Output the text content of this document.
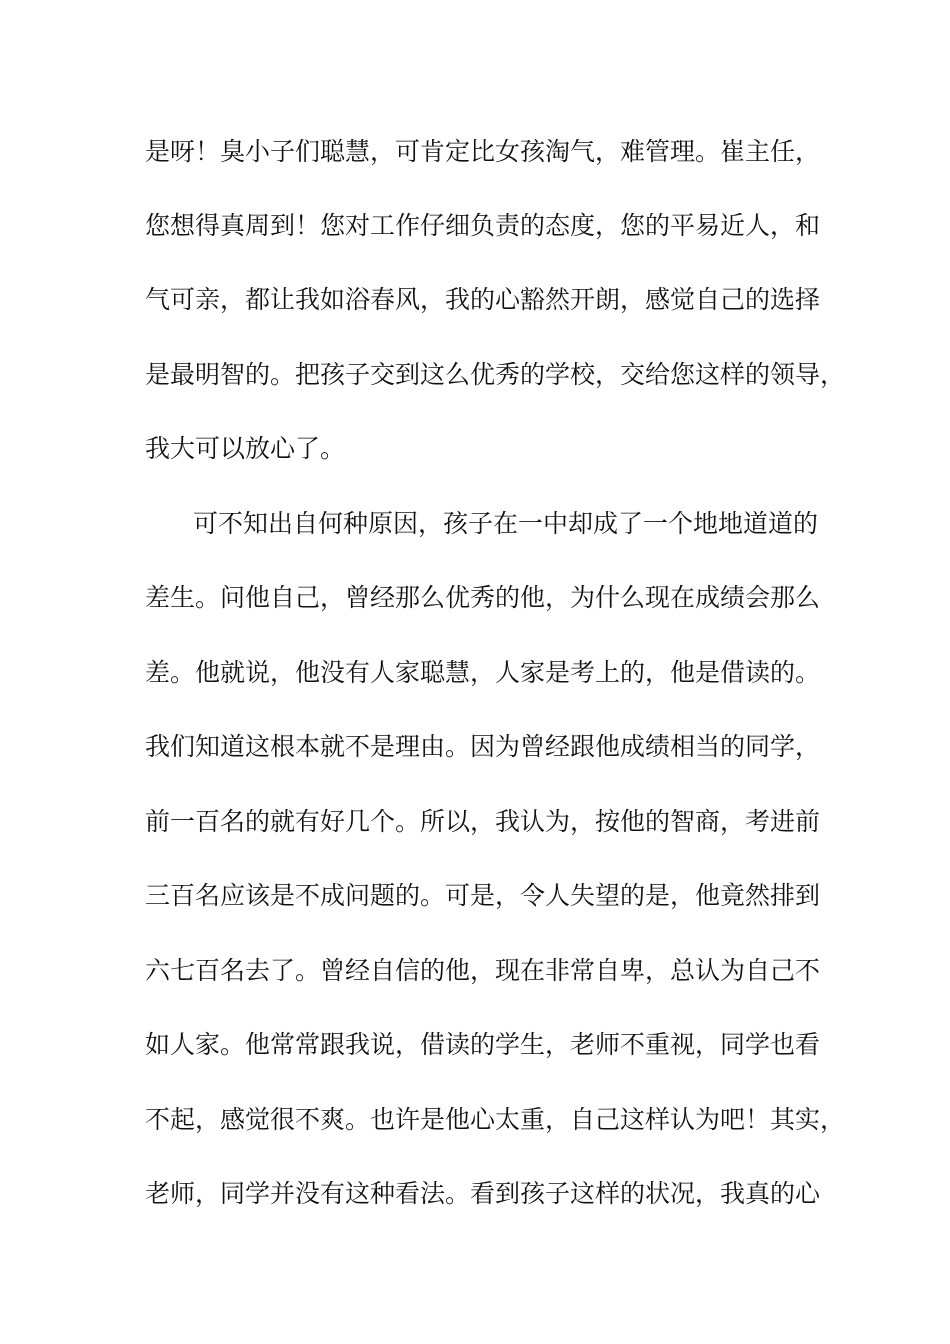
是呀！臭小子们聪慧，可肯定比女孩淘气，难管理。崔主任，
您想得真周到！您对工作仔细负责的态度，您的平易近人，和
气可亲，都让我如浴春风，我的心豁然开朗，感觉自己的选择
是最明智的。把孩子交到这么优秀的学校，交给您这样的领导，
我大可以放心了。
可不知出自何种原因，孩子在一中却成了一个地地道道的
差生。问他自己，曾经那么优秀的他，为什么现在成绩会那么
差。他就说，他没有人家聪慧，人家是考上的，他是借读的。
我们知道这根本就不是理由。因为曾经跟他成绩相当的同学，
前一百名的就有好几个。所以，我认为，按他的智商，考进前
三百名应该是不成问题的。可是，令人失望的是，他竟然排到
六七百名去了。曾经自信的他，现在非常自卑，总认为自己不
如人家。他常常跟我说，借读的学生，老师不重视，同学也看
不起，感觉很不爽。也许是他心太重，自己这样认为吧！其实，
老师，同学并没有这种看法。看到孩子这样的状况，我真的心
